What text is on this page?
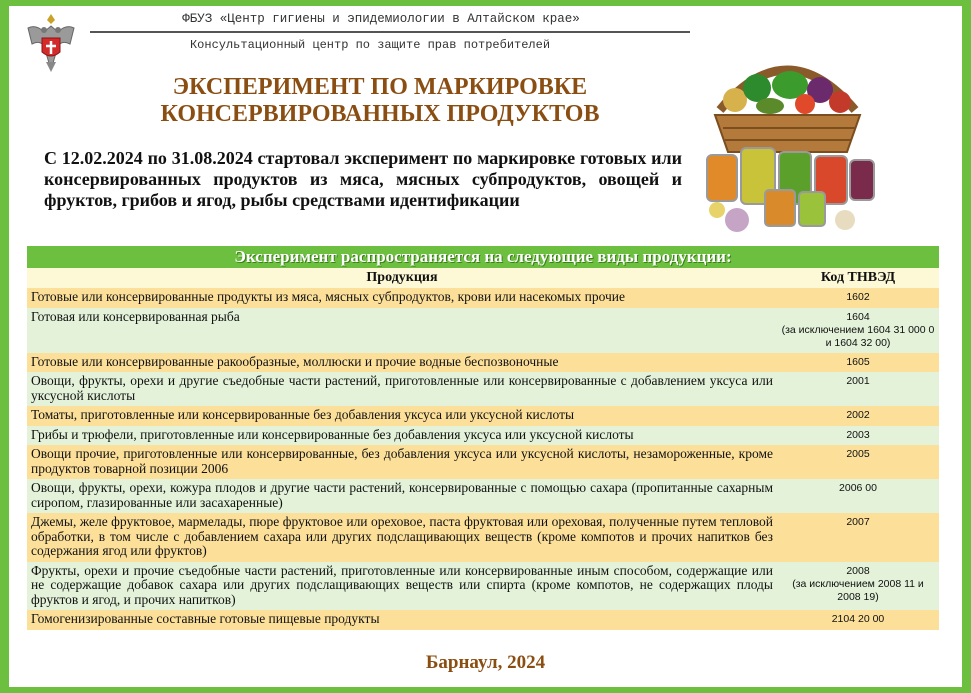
ФБУЗ «Центр гигиены и эпидемиологии в Алтайском крае»
Консультационный центр по защите прав потребителей
ЭКСПЕРИМЕНТ ПО МАРКИРОВКЕ
КОНСЕРВИРОВАННЫХ ПРОДУКТОВ
С 12.02.2024 по 31.08.2024 стартовал эксперимент по маркировке готовых или консервированных продуктов из мяса, мясных субпродуктов, овощей и фруктов, грибов и ягод, рыбы средствами идентификации
Эксперимент распространяется на следующие виды продукции:
Продукция	Код ТНВЭД
Готовые или консервированные продукты из мяса, мясных субпродуктов, крови или насекомых прочие	1602

Готовая или консервированная рыба	1604
(за исключением 1604 31 000 0 и 1604 32 00)

Готовые или консервированные ракообразные, моллюски и прочие водные беспозвоночные	1605

Овощи, фрукты, орехи и другие съедобные части растений, приготовленные или консервированные с добавлением уксуса или уксусной кислоты	2001

Томаты, приготовленные или консервированные без добавления уксуса или уксусной кислоты	2002

Грибы и трюфели, приготовленные или консервированные без добавления уксуса или уксусной кислоты	2003

Овощи прочие, приготовленные или консервированные, без добавления уксуса или уксусной кислоты, незамороженные, кроме продуктов товарной позиции 2006	2005

Овощи, фрукты, орехи, кожура плодов и другие части растений, консервированные с помощью сахара (пропитанные сахарным сиропом, глазированные или засахаренные)	2006 00

Джемы, желе фруктовое, мармелады, пюре фруктовое или ореховое, паста фруктовая или ореховая, полученные путем тепловой обработки, в том числе с добавлением сахара или других подслащивающих веществ (кроме компотов и прочих напитков без содержания ягод или фруктов)	2007

Фрукты, орехи и прочие съедобные части растений, приготовленные или консервированные иным способом, содержащие или не содержащие добавок сахара или других подслащивающих веществ или спирта (кроме компотов, не содержащих плоды фруктов и ягод, и прочих напитков)	2008
(за исключением 2008 11 и 2008 19)

Гомогенизированные составные готовые пищевые продукты	2104 20 00
Барнаул, 2024
